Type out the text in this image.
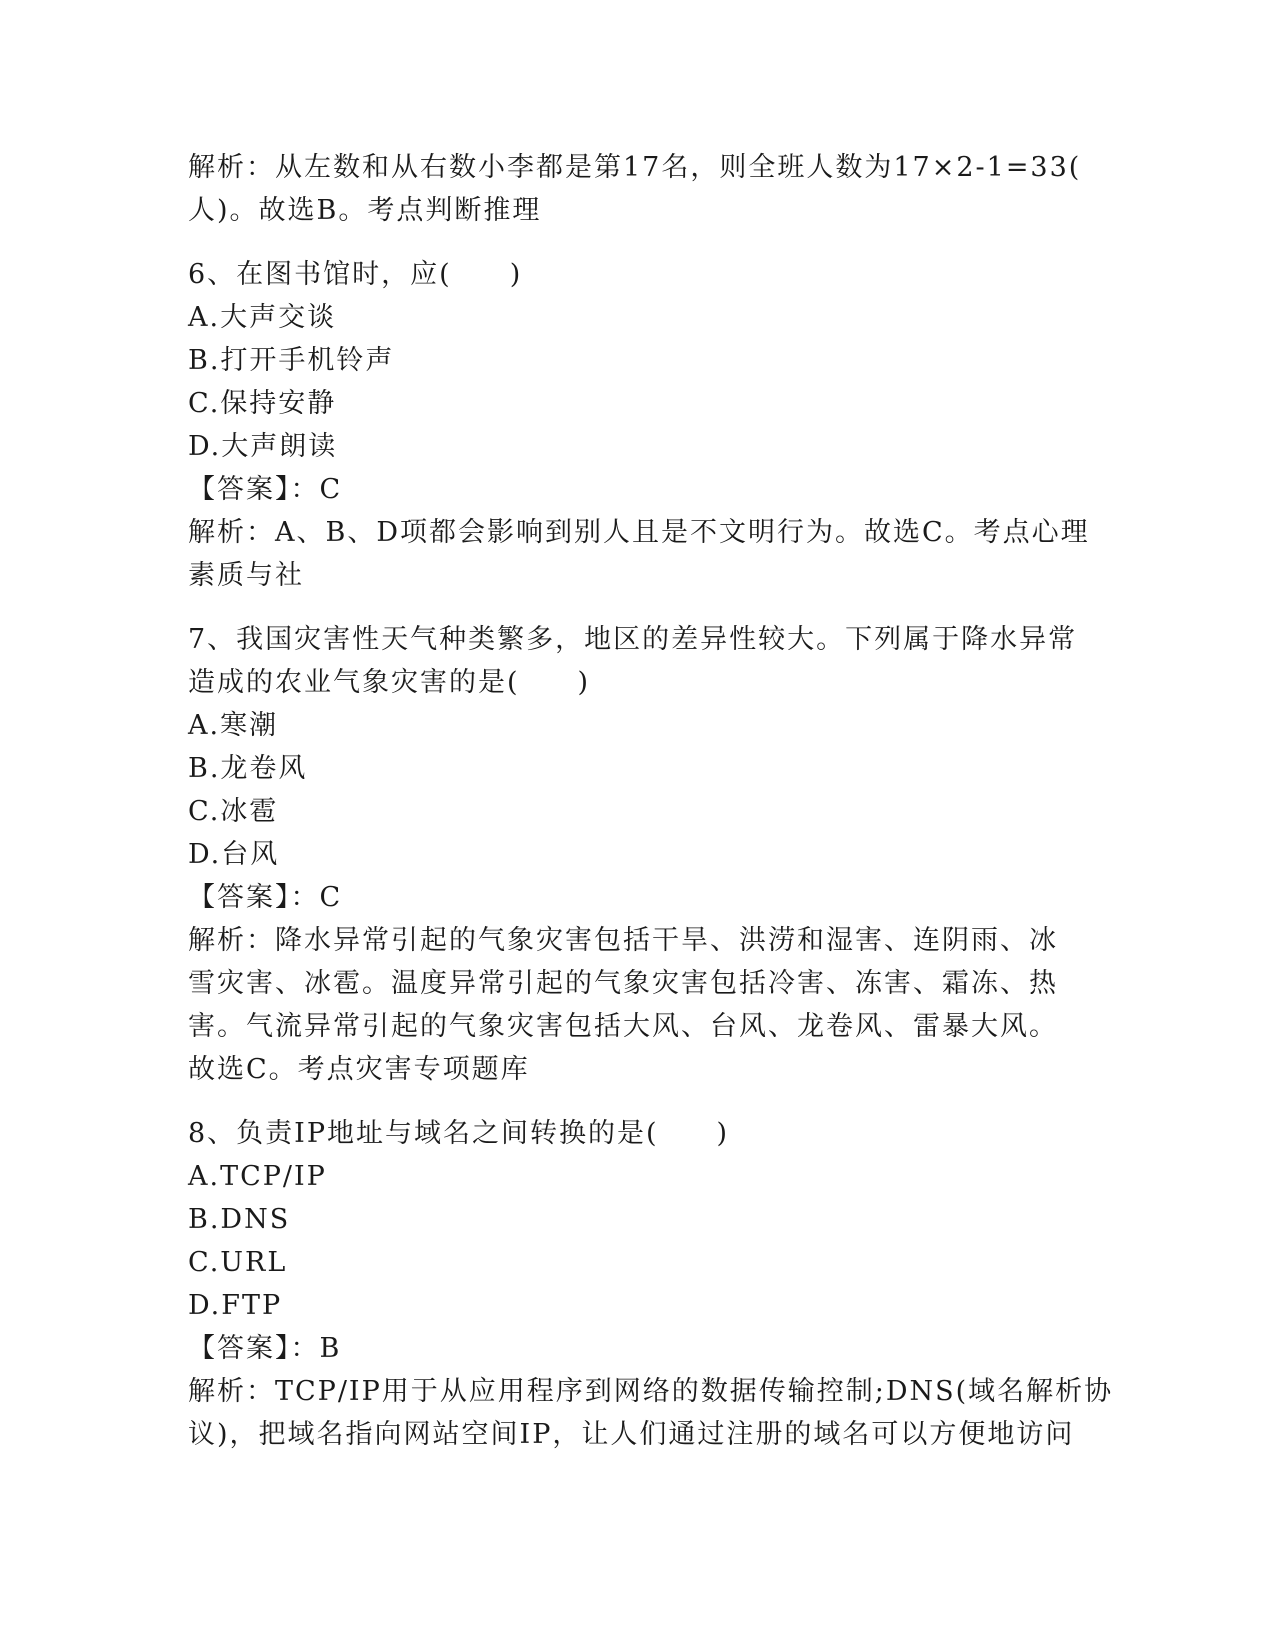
解析：从左数和从右数小李都是第17名，则全班人数为17×2-1=33(
人)。故选B。考点判断推理
6、在图书馆时，应(　　)
A.大声交谈
B.打开手机铃声
C.保持安静
D.大声朗读
【答案】：C
解析：A、B、D项都会影响到别人且是不文明行为。故选C。考点心理
素质与社
7、我国灾害性天气种类繁多，地区的差异性较大。下列属于降水异常
造成的农业气象灾害的是(　　)
A.寒潮
B.龙卷风
C.冰雹
D.台风
【答案】：C
解析：降水异常引起的气象灾害包括干旱、洪涝和湿害、连阴雨、冰
雪灾害、冰雹。温度异常引起的气象灾害包括冷害、冻害、霜冻、热
害。气流异常引起的气象灾害包括大风、台风、龙卷风、雷暴大风。
故选C。考点灾害专项题库
8、负责IP地址与域名之间转换的是(　　)
A.TCP/IP
B.DNS
C.URL
D.FTP
【答案】：B
解析：TCP/IP用于从应用程序到网络的数据传输控制;DNS(域名解析协
议)，把域名指向网站空间IP，让人们通过注册的域名可以方便地访问
